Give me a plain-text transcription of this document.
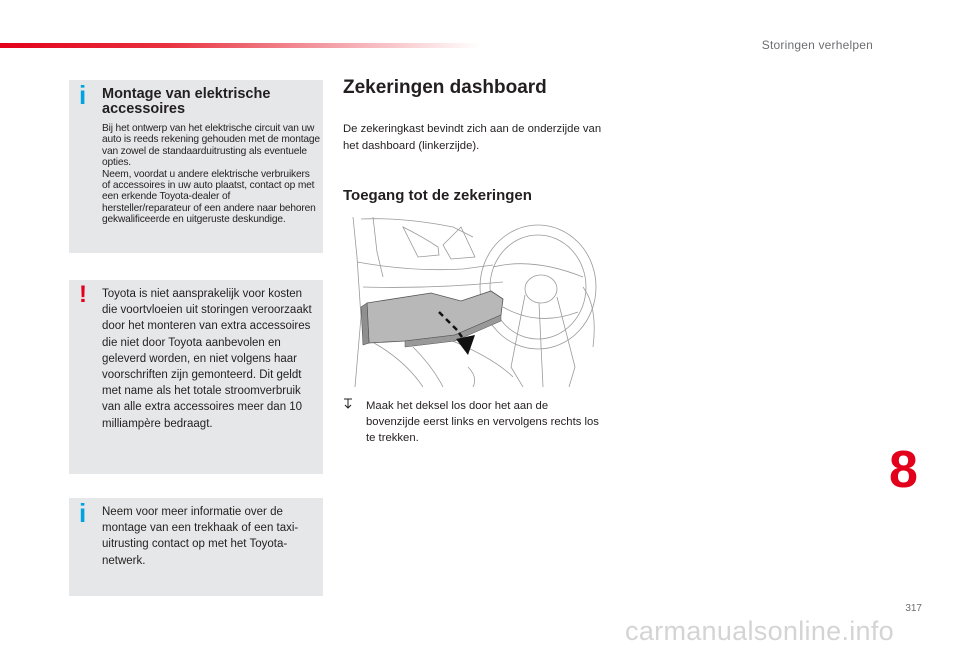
Storingen verhelpen
i Montage van elektrische accessoires
Bij het ontwerp van het elektrische circuit van uw auto is reeds rekening gehouden met de montage van zowel de standaarduitrusting als eventuele opties.
Neem, voordat u andere elektrische verbruikers of accessoires in uw auto plaatst, contact op met een erkende Toyota-dealer of hersteller/reparateur of een andere naar behoren gekwalificeerde en uitgeruste deskundige.
! Toyota is niet aansprakelijk voor kosten die voortvloeien uit storingen veroorzaakt door het monteren van extra accessoires die niet door Toyota aanbevolen en geleverd worden, en niet volgens haar voorschriften zijn gemonteerd. Dit geldt met name als het totale stroomverbruik van alle extra accessoires meer dan 10 milliampère bedraagt.
i Neem voor meer informatie over de montage van een trekhaak of een taxi-uitrusting contact op met het Toyota-netwerk.
Zekeringen dashboard
De zekeringkast bevindt zich aan de onderzijde van het dashboard (linkerzijde).
Toegang tot de zekeringen
Maak het deksel los door het aan de bovenzijde eerst links en vervolgens rechts los te trekken.
8
317
carmanualsonline.info
